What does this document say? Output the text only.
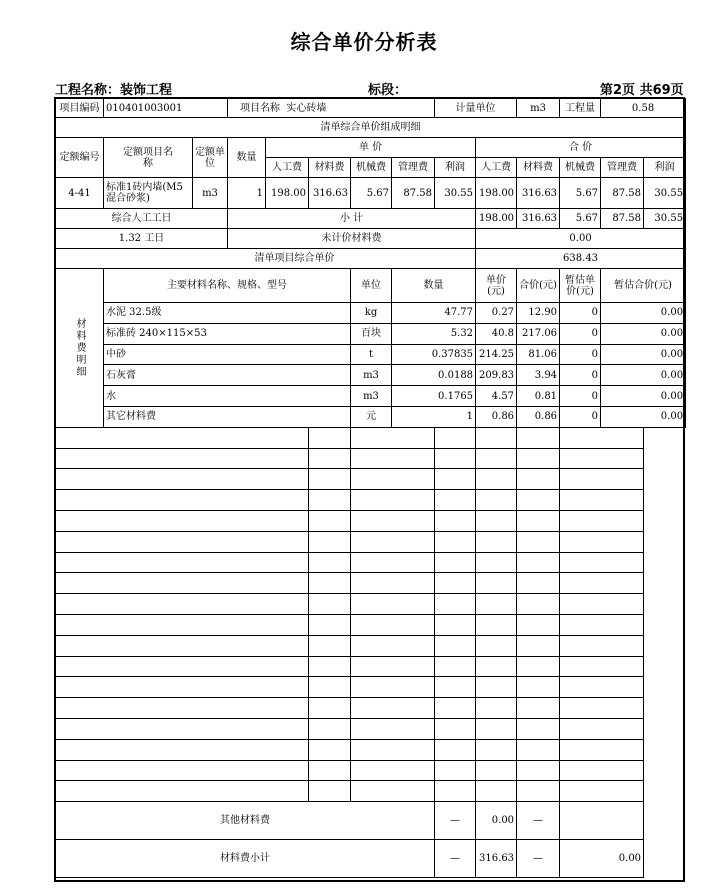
综合单价分析表
工程名称：装饰工程	标段：	第2页 共69页
项目编码	010401003001		项目名称 实心砖墙					计量单位		m3	工程量	0.58	
清单综合单价组成明细													
定额编号	定额项目名称	定额单位	数量	单 价					合 价				
				人工费	材料费	机械费	管理费	利润	人工费	材料费	机械费	管理费	利润
4-41	标准1砖内墙(M5混合砂浆)	m3	1	198.00	316.63	5.67	87.58	30.55	198.00	316.63	5.67	87.58	30.55
综合人工工日			小 计						198.00	316.63	5.67	87.58	30.55
1.32 工日			未计价材料费						0.00				
清单项目综合单价									638.43				

材料费明细	主要材料名称、规格、型号					单位	数量		单价(元)	合价(元)	暂估单价(元)	暂估合价(元)	
	水泥 32.5级					kg	47.77		0.27	12.90	0	0.00	
	标准砖 240×115×53					百块	5.32		40.8	217.06	0	0.00	
	中砂					t	0.37835		214.25	81.06	0	0.00	
	石灰膏					m3	0.0188		209.83	3.94	0	0.00	
	水					m3	0.1765		4.57	0.81	0	0.00	
	其它材料费					元	1		0.86	0.86	0	0.00	

其他材料费								—	0.00	—			
材料费小计								—	316.63	—	0.00		
